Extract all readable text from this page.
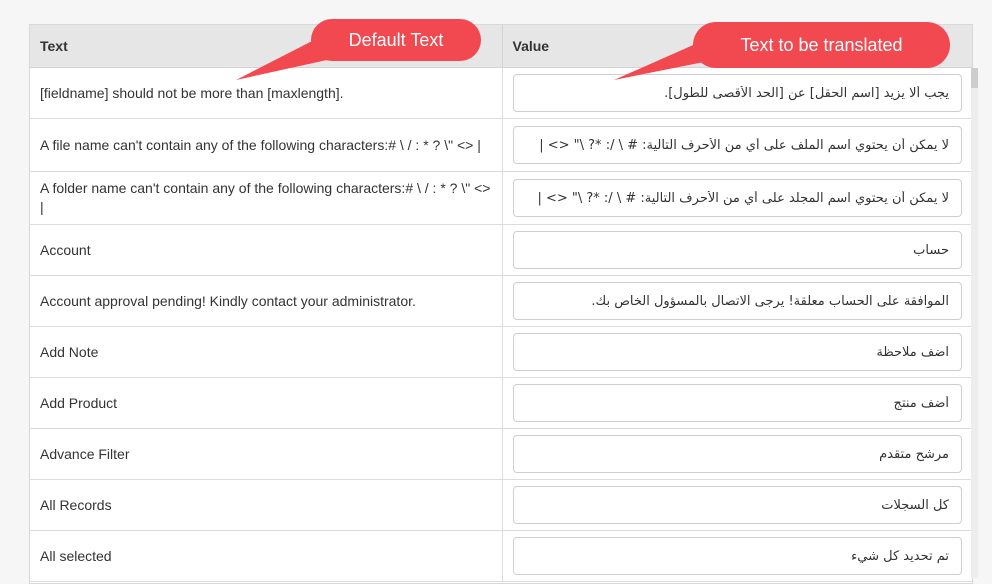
Text	Value
[fieldname] should not be more than [maxlength].	يجب ألا يزيد [اسم الحقل] عن [الحد الأقصى للطول].
A file name can't contain any of the following characters:# \ / : * ? \" <> |	لا يمكن أن يحتوي اسم الملف على أي من الأحرف التالية: # \ /: *? \" <> |
A folder name can't contain any of the following characters:# \ / : * ? \" <> |	لا يمكن أن يحتوي اسم المجلد على أي من الأحرف التالية: # \ /: *? \" <> |
Account	حساب
Account approval pending! Kindly contact your administrator.	الموافقة على الحساب معلقة! يرجى الاتصال بالمسؤول الخاص بك.
Add Note	اضف ملاحظة
Add Product	أضف منتج
Advance Filter	مرشح متقدم
All Records	كل السجلات
All selected	تم تحديد كل شيء
Default Text	Text to be translated
